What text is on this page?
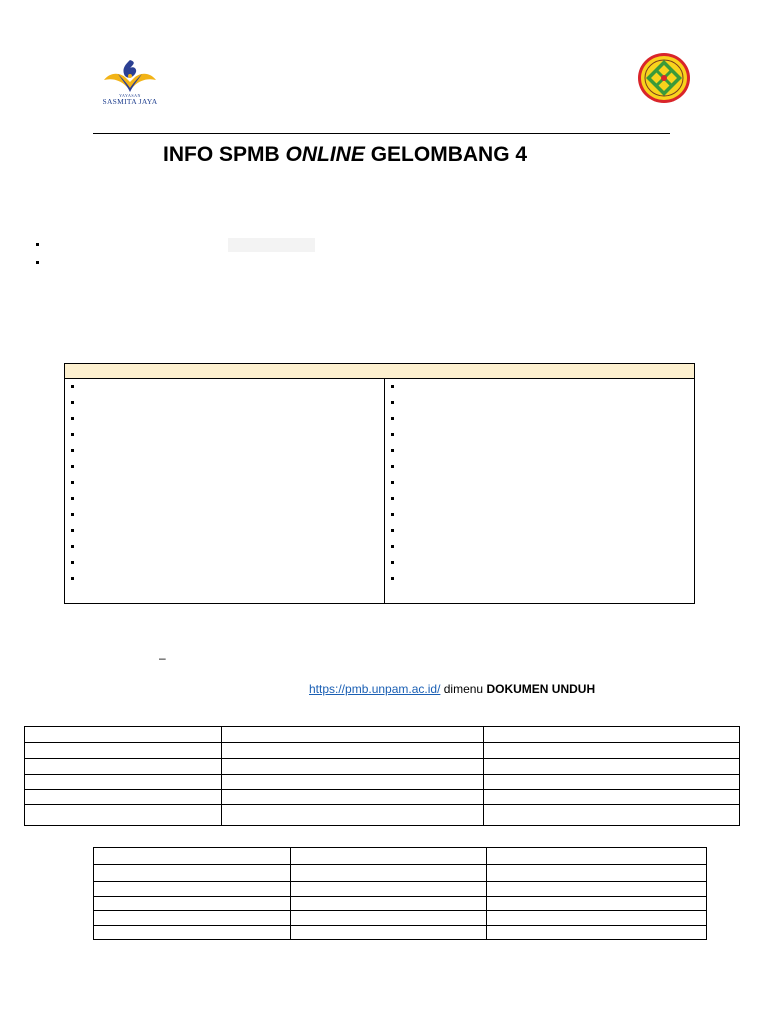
YAYASAN
SASMITA JAYA
INFO SPMB ONLINE GELOMBANG 4
–
https://pmb.unpam.ac.id/ dimenu DOKUMEN UNDUH
